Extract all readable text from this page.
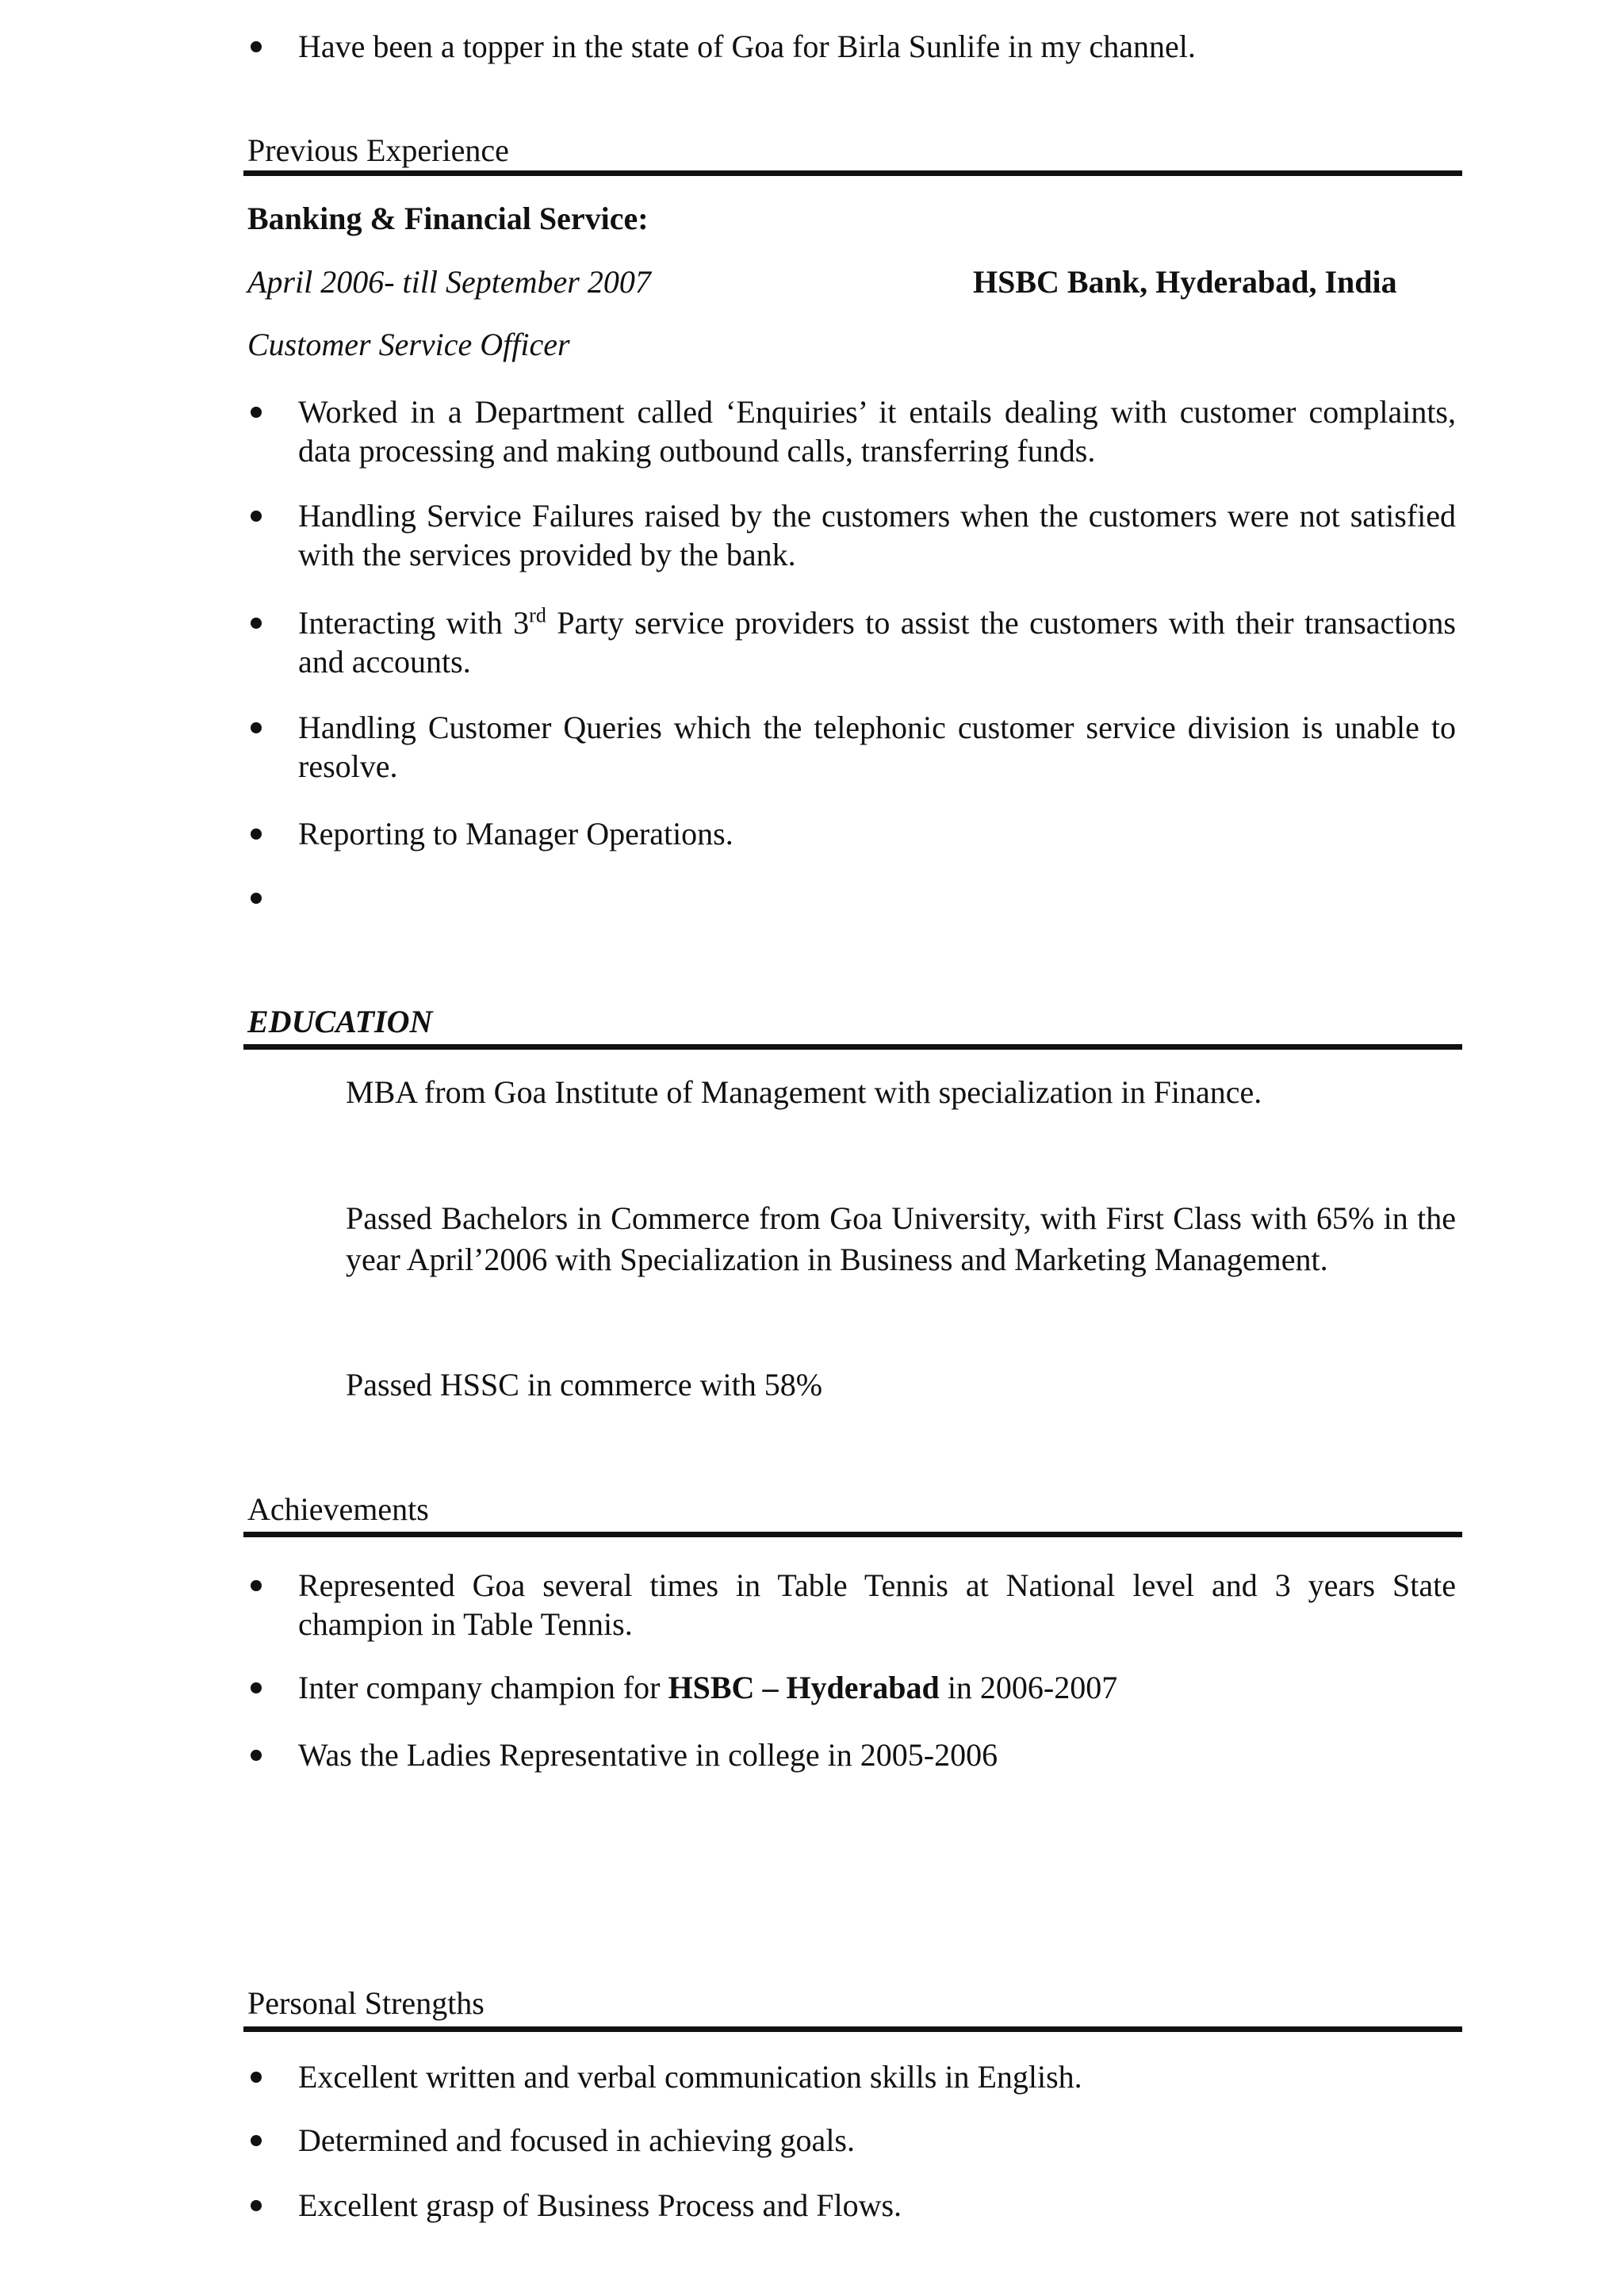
Have been a topper in the state of Goa for Birla Sunlife in my channel.
Previous Experience
Banking & Financial Service:
April 2006- till September 2007	HSBC Bank, Hyderabad, India
Customer Service Officer
Worked in a Department called ‘Enquiries’ it entails dealing with customer complaints, data processing and making outbound calls, transferring funds.
Handling Service Failures raised by the customers when the customers were not satisfied with the services provided by the bank.
Interacting with 3rd Party service providers to assist the customers with their transactions and accounts.
Handling Customer Queries which the telephonic customer service division is unable to resolve.
Reporting to Manager Operations.
EDUCATION
MBA from Goa Institute of Management with specialization in Finance.
Passed Bachelors in Commerce from Goa University, with First Class with 65% in the year April’2006 with Specialization in Business and Marketing Management.
Passed HSSC in commerce with 58%
Achievements
Represented Goa several times in Table Tennis at National level and 3 years State champion in Table Tennis.
Inter company champion for HSBC – Hyderabad in 2006-2007
Was the Ladies Representative in college in 2005-2006
Personal Strengths
Excellent written and verbal communication skills in English.
Determined and focused in achieving goals.
Excellent grasp of Business Process and Flows.
